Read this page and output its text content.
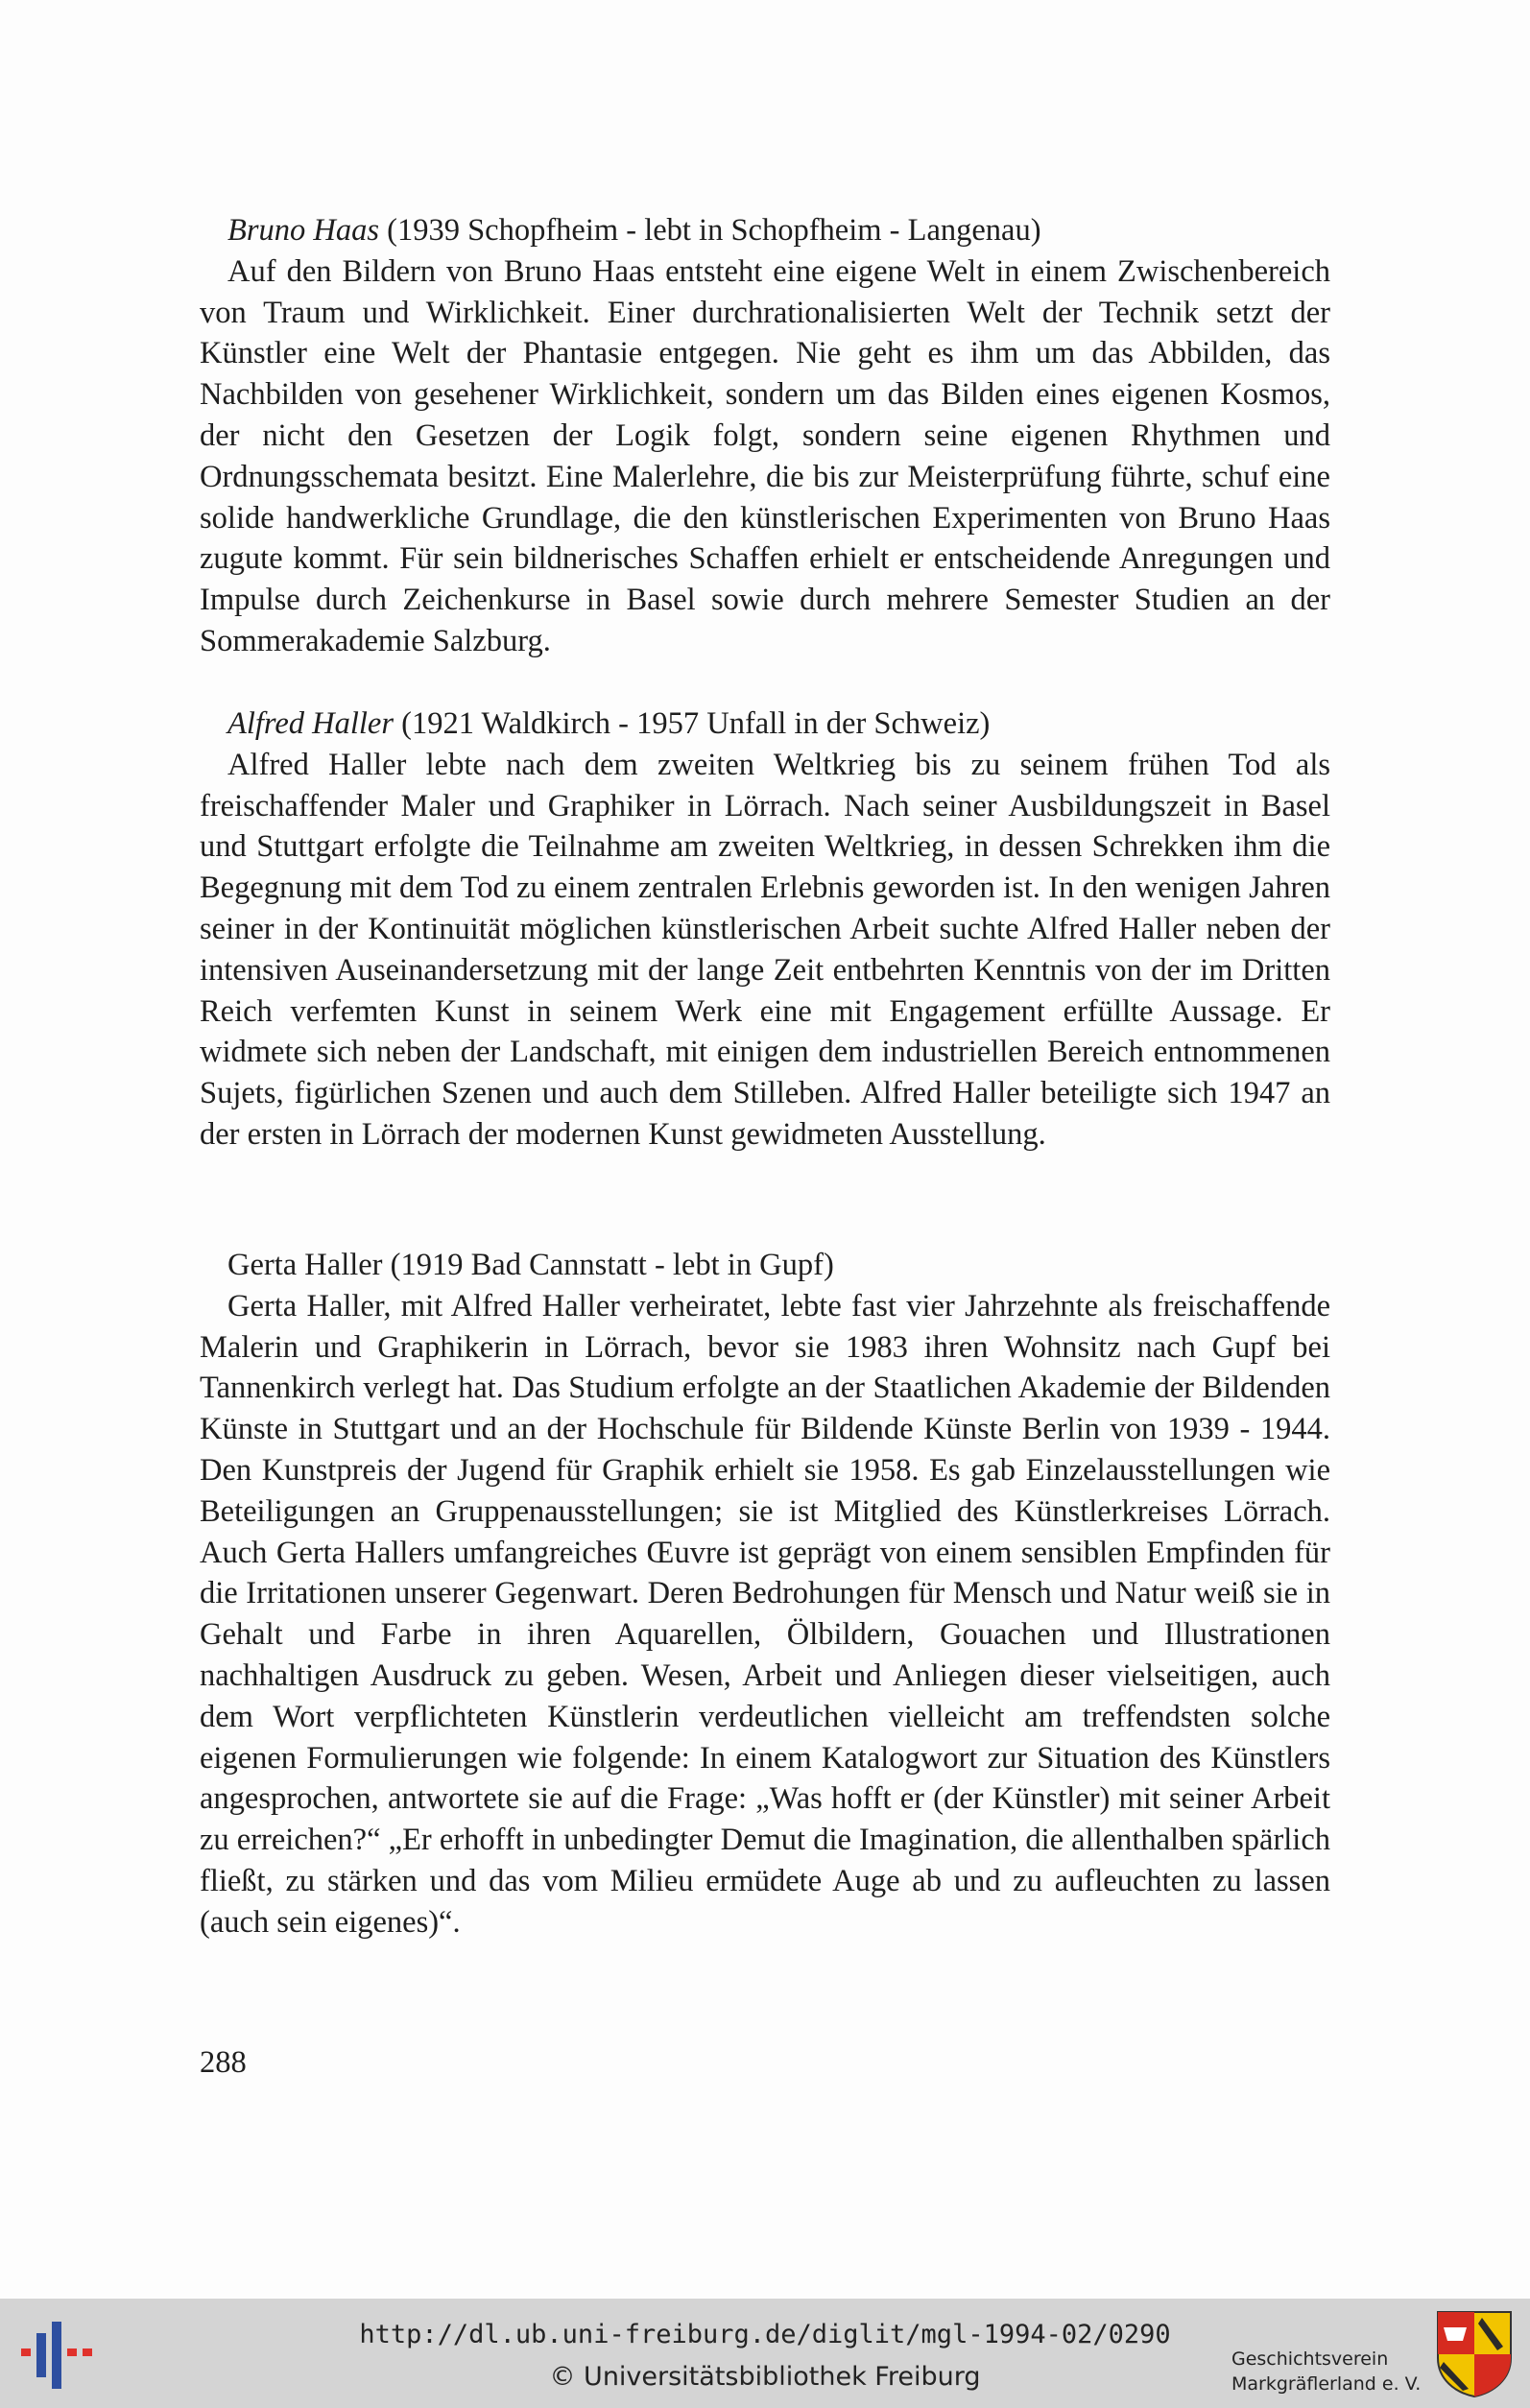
Bruno Haas (1939 Schopfheim - lebt in Schopfheim - Langenau)
Auf den Bildern von Bruno Haas entsteht eine eigene Welt in einem Zwischenbereich von Traum und Wirklichkeit. Einer durchrationalisierten Welt der Technik setzt der Künstler eine Welt der Phantasie entgegen. Nie geht es ihm um das Abbilden, das Nachbilden von gesehener Wirklichkeit, sondern um das Bilden eines eigenen Kosmos, der nicht den Gesetzen der Logik folgt, sondern seine eigenen Rhythmen und Ordnungsschemata besitzt. Eine Malerlehre, die bis zur Meisterprüfung führte, schuf eine solide handwerkliche Grundlage, die den künstlerischen Experimenten von Bruno Haas zugute kommt. Für sein bildnerisches Schaffen erhielt er entscheidende Anregungen und Impulse durch Zeichenkurse in Basel sowie durch mehrere Semester Studien an der Sommerakademie Salzburg.
Alfred Haller (1921 Waldkirch - 1957 Unfall in der Schweiz)
Alfred Haller lebte nach dem zweiten Weltkrieg bis zu seinem frühen Tod als freischaffender Maler und Graphiker in Lörrach. Nach seiner Ausbildungszeit in Basel und Stuttgart erfolgte die Teilnahme am zweiten Weltkrieg, in dessen Schrekken ihm die Begegnung mit dem Tod zu einem zentralen Erlebnis geworden ist. In den wenigen Jahren seiner in der Kontinuität möglichen künstlerischen Arbeit suchte Alfred Haller neben der intensiven Auseinandersetzung mit der lange Zeit entbehrten Kenntnis von der im Dritten Reich verfemten Kunst in seinem Werk eine mit Engagement erfüllte Aussage. Er widmete sich neben der Landschaft, mit einigen dem industriellen Bereich entnommenen Sujets, figürlichen Szenen und auch dem Stilleben. Alfred Haller beteiligte sich 1947 an der ersten in Lörrach der modernen Kunst gewidmeten Ausstellung.
Gerta Haller (1919 Bad Cannstatt - lebt in Gupf)
Gerta Haller, mit Alfred Haller verheiratet, lebte fast vier Jahrzehnte als freischaffende Malerin und Graphikerin in Lörrach, bevor sie 1983 ihren Wohnsitz nach Gupf bei Tannenkirch verlegt hat. Das Studium erfolgte an der Staatlichen Akademie der Bildenden Künste in Stuttgart und an der Hochschule für Bildende Künste Berlin von 1939 - 1944. Den Kunstpreis der Jugend für Graphik erhielt sie 1958. Es gab Einzelausstellungen wie Beteiligungen an Gruppenausstellungen; sie ist Mitglied des Künstlerkreises Lörrach. Auch Gerta Hallers umfangreiches Œuvre ist geprägt von einem sensiblen Empfinden für die Irritationen unserer Gegenwart. Deren Bedrohungen für Mensch und Natur weiß sie in Gehalt und Farbe in ihren Aquarellen, Ölbildern, Gouachen und Illustrationen nachhaltigen Ausdruck zu geben. Wesen, Arbeit und Anliegen dieser vielseitigen, auch dem Wort verpflichteten Künstlerin verdeutlichen vielleicht am treffendsten solche eigenen Formulierungen wie folgende: In einem Katalogwort zur Situation des Künstlers angesprochen, antwortete sie auf die Frage: „Was hofft er (der Künstler) mit seiner Arbeit zu erreichen?“ „Er erhofft in unbedingter Demut die Imagination, die allenthalben spärlich fließt, zu stärken und das vom Milieu ermüdete Auge ab und zu aufleuchten zu lassen (auch sein eigenes)“.
288
http://dl.ub.uni-freiburg.de/diglit/mgl-1994-02/0290
© Universitätsbibliothek Freiburg
Geschichtsverein
Markgräflerland e. V.
